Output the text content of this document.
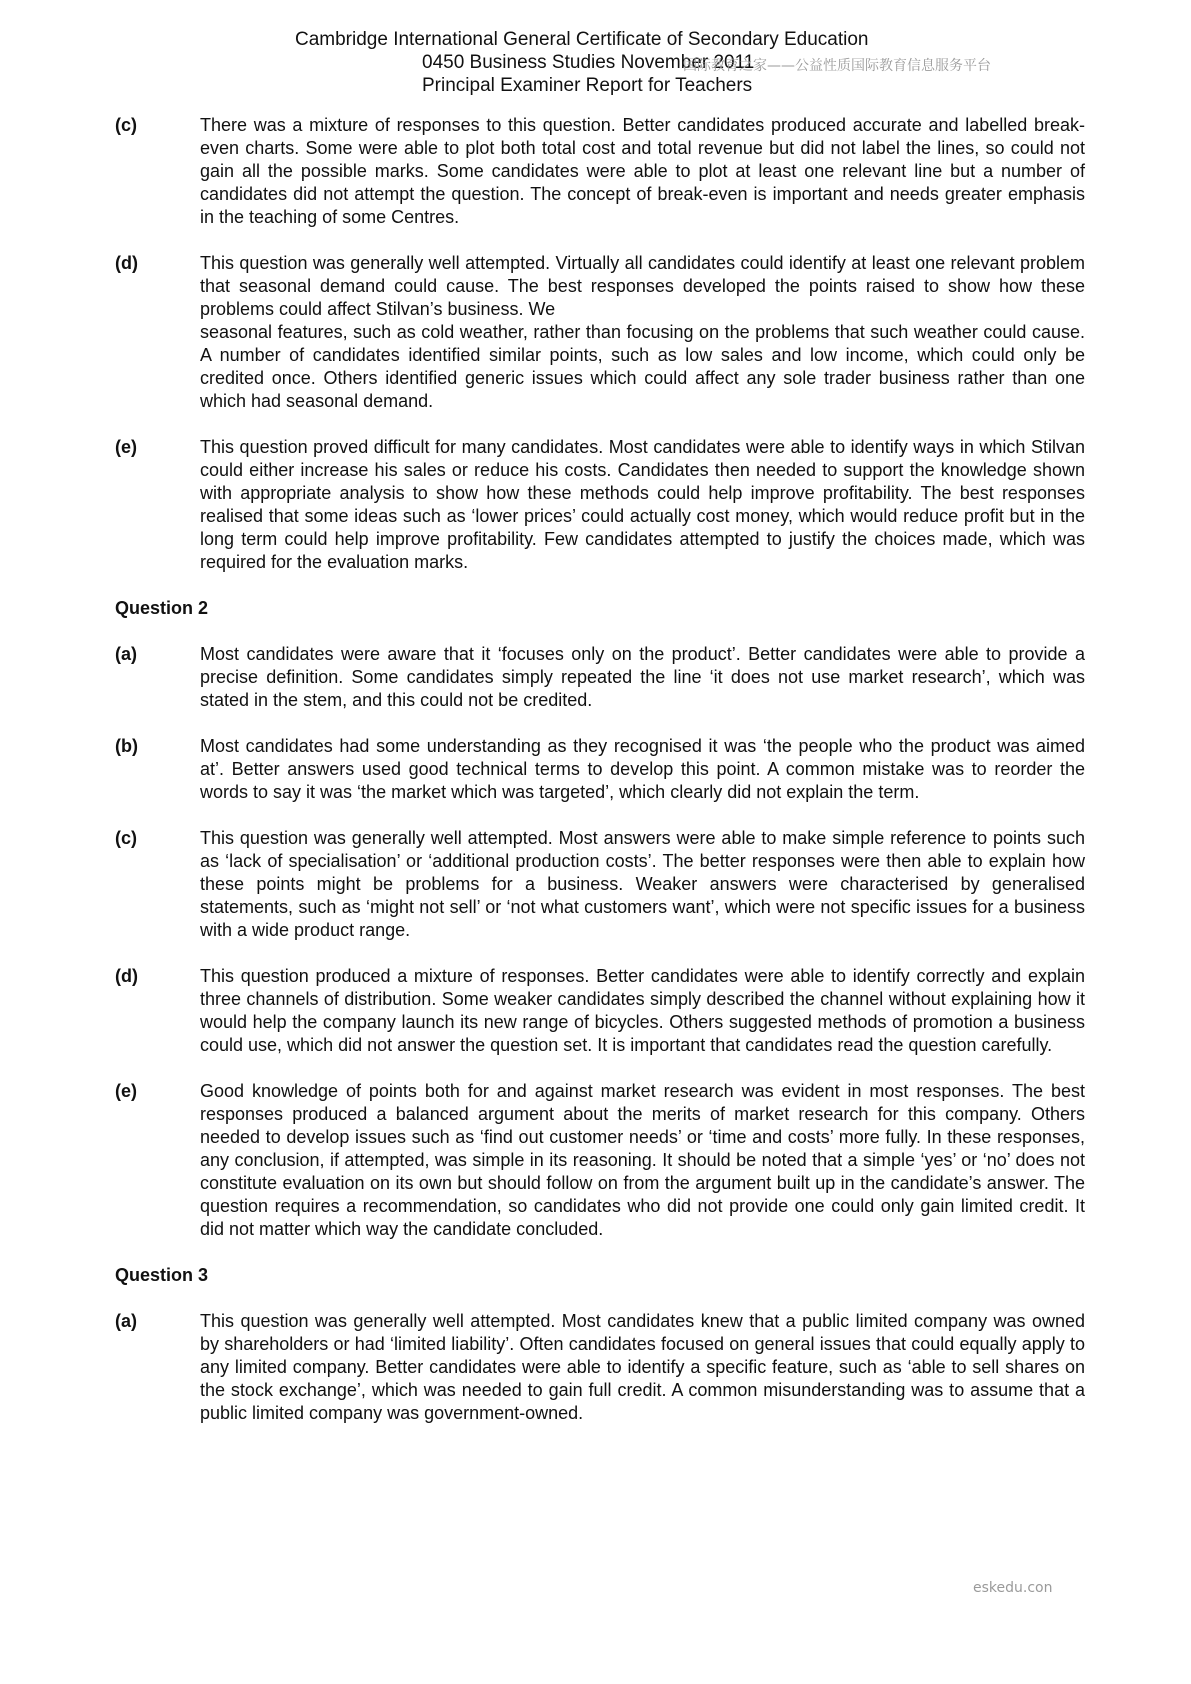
Cambridge International General Certificate of Secondary Education
0450 Business Studies November 2011
Principal Examiner Report for Teachers
国际教育之家——公益性质国际教育信息服务平台
(c)	There was a mixture of responses to this question. Better candidates produced accurate and labelled break-even charts. Some were able to plot both total cost and total revenue but did not label the lines, so could not gain all the possible marks. Some candidates were able to plot at least one relevant line but a number of candidates did not attempt the question. The concept of break-even is important and needs greater emphasis in the teaching of some Centres.
(d)	This question was generally well attempted. Virtually all candidates could identify at least one relevant problem that seasonal demand could cause. The best responses developed the points raised to show how these problems could affect Stilvan’s business. We
seasonal features, such as cold weather, rather than focusing on the problems that such weather could cause. A number of candidates identified similar points, such as low sales and low income, which could only be credited once. Others identified generic issues which could affect any sole trader business rather than one which had seasonal demand.
(e)	This question proved difficult for many candidates. Most candidates were able to identify ways in which Stilvan could either increase his sales or reduce his costs. Candidates then needed to support the knowledge shown with appropriate analysis to show how these methods could help improve profitability. The best responses realised that some ideas such as ‘lower prices’ could actually cost money, which would reduce profit but in the long term could help improve profitability. Few candidates attempted to justify the choices made, which was required for the evaluation marks.
Question 2
(a)	Most candidates were aware that it ‘focuses only on the product’. Better candidates were able to provide a precise definition. Some candidates simply repeated the line ‘it does not use market research’, which was stated in the stem, and this could not be credited.
(b)	Most candidates had some understanding as they recognised it was ‘the people who the product was aimed at’. Better answers used good technical terms to develop this point. A common mistake was to reorder the words to say it was ‘the market which was targeted’, which clearly did not explain the term.
(c)	This question was generally well attempted. Most answers were able to make simple reference to points such as ‘lack of specialisation’ or ‘additional production costs’. The better responses were then able to explain how these points might be problems for a business. Weaker answers were characterised by generalised statements, such as ‘might not sell’ or ‘not what customers want’, which were not specific issues for a business with a wide product range.
(d)	This question produced a mixture of responses. Better candidates were able to identify correctly and explain three channels of distribution. Some weaker candidates simply described the channel without explaining how it would help the company launch its new range of bicycles. Others suggested methods of promotion a business could use, which did not answer the question set. It is important that candidates read the question carefully.
(e)	Good knowledge of points both for and against market research was evident in most responses. The best responses produced a balanced argument about the merits of market research for this company. Others needed to develop issues such as ‘find out customer needs’ or ‘time and costs’ more fully. In these responses, any conclusion, if attempted, was simple in its reasoning. It should be noted that a simple ‘yes’ or ‘no’ does not constitute evaluation on its own but should follow on from the argument built up in the candidate’s answer. The question requires a recommendation, so candidates who did not provide one could only gain limited credit. It did not matter which way the candidate concluded.
Question 3
(a)	This question was generally well attempted. Most candidates knew that a public limited company was owned by shareholders or had ‘limited liability’. Often candidates focused on general issues that could equally apply to any limited company. Better candidates were able to identify a specific feature, such as ‘able to sell shares on the stock exchange’, which was needed to gain full credit. A common misunderstanding was to assume that a public limited company was government-owned.
eskedu.con
